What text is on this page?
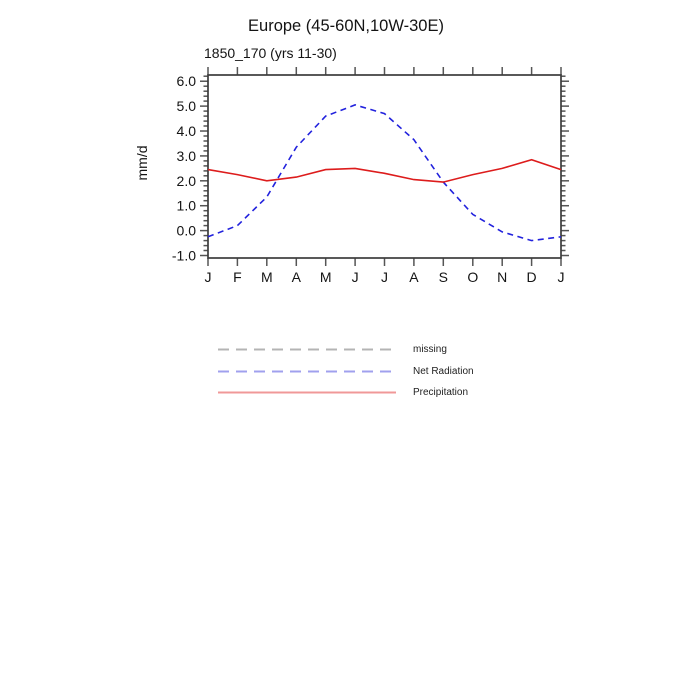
Europe (45-60N,10W-30E)
1850_170 (yrs 11-30)
mm/d
-1.0
0.0
1.0
2.0
3.0
4.0
5.0
6.0
J F M A M J J A S O N D J
missing
Net Radiation
Precipitation
